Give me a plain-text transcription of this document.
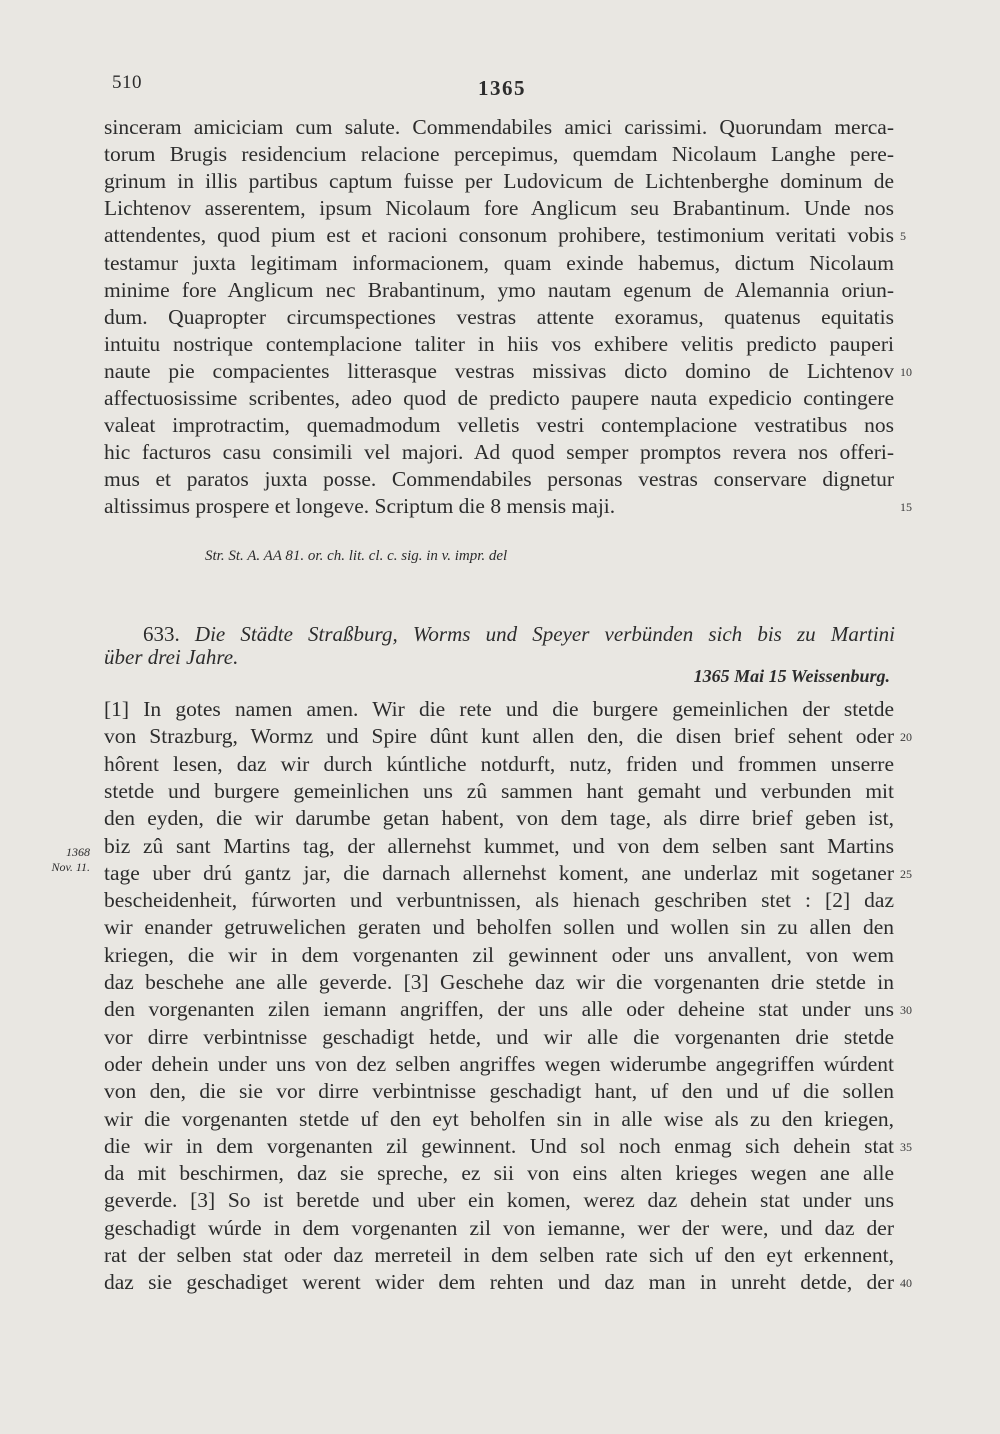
510	1365
sinceram amiciciam cum salute. Commendabiles amici carissimi. Quorundam merca-
torum Brugis residencium relacione percepimus, quemdam Nicolaum Langhe pere-
grinum in illis partibus captum fuisse per Ludovicum de Lichtenberghe dominum de
Lichtenov asserentem, ipsum Nicolaum fore Anglicum seu Brabantinum. Unde nos
attendentes, quod pium est et racioni consonum prohibere, testimonium veritati vobis
testamur juxta legitimam informacionem, quam exinde habemus, dictum Nicolaum
minime fore Anglicum nec Brabantinum, ymo nautam egenum de Alemannia oriun-
dum. Quapropter circumspectiones vestras attente exoramus, quatenus equitatis
intuitu nostrique contemplacione taliter in hiis vos exhibere velitis predicto pauperi
naute pie compacientes litterasque vestras missivas dicto domino de Lichtenov
affectuosissime scribentes, adeo quod de predicto paupere nauta expedicio contingere
valeat improtractim, quemadmodum velletis vestri contemplacione vestratibus nos
hic facturos casu consimili vel majori. Ad quod semper promptos revera nos offeri-
mus et paratos juxta posse. Commendabiles personas vestras conservare dignetur
altissimus prospere et longeve. Scriptum die 8 mensis maji.
5
10
15
Str. St. A. AA 81. or. ch. lit. cl. c. sig. in v. impr. del
633. Die Städte Straßburg, Worms und Speyer verbünden sich bis zu Martini
über drei Jahre.
1365 Mai 15 Weissenburg.
1368
Nov. 11.
[1] In gotes namen amen. Wir die rete und die burgere gemeinlichen der stetde
von Strazburg, Wormz und Spire dûnt kunt allen den, die disen brief sehent oder
hôrent lesen, daz wir durch kúntliche notdurft, nutz, friden und frommen unserre
stetde und burgere gemeinlichen uns zû sammen hant gemaht und verbunden mit
den eyden, die wir darumbe getan habent, von dem tage, als dirre brief geben ist,
biz zû sant Martins tag, der allernehst kummet, und von dem selben sant Martins
tage uber drú gantz jar, die darnach allernehst koment, ane underlaz mit sogetaner
bescheidenheit, fúrworten und verbuntnissen, als hienach geschriben stet : [2] daz
wir enander getruwelichen geraten und beholfen sollen und wollen sin zu allen den
kriegen, die wir in dem vorgenanten zil gewinnent oder uns anvallent, von wem
daz beschehe ane alle geverde. [3] Geschehe daz wir die vorgenanten drie stetde in
den vorgenanten zilen iemann angriffen, der uns alle oder deheine stat under uns
vor dirre verbintnisse geschadigt hetde, und wir alle die vorgenanten drie stetde
oder dehein under uns von dez selben angriffes wegen widerumbe angegriffen wúrdent
von den, die sie vor dirre verbintnisse geschadigt hant, uf den und uf die sollen
wir die vorgenanten stetde uf den eyt beholfen sin in alle wise als zu den kriegen,
die wir in dem vorgenanten zil gewinnent. Und sol noch enmag sich dehein stat
da mit beschirmen, daz sie spreche, ez sii von eins alten krieges wegen ane alle
geverde. [3] So ist beretde und uber ein komen, werez daz dehein stat under uns
geschadigt wúrde in dem vorgenanten zil von iemanne, wer der were, und daz der
rat der selben stat oder daz merreteil in dem selben rate sich uf den eyt erkennent,
daz sie geschadiget werent wider dem rehten und daz man in unreht detde, der
20
25
30
35
40
